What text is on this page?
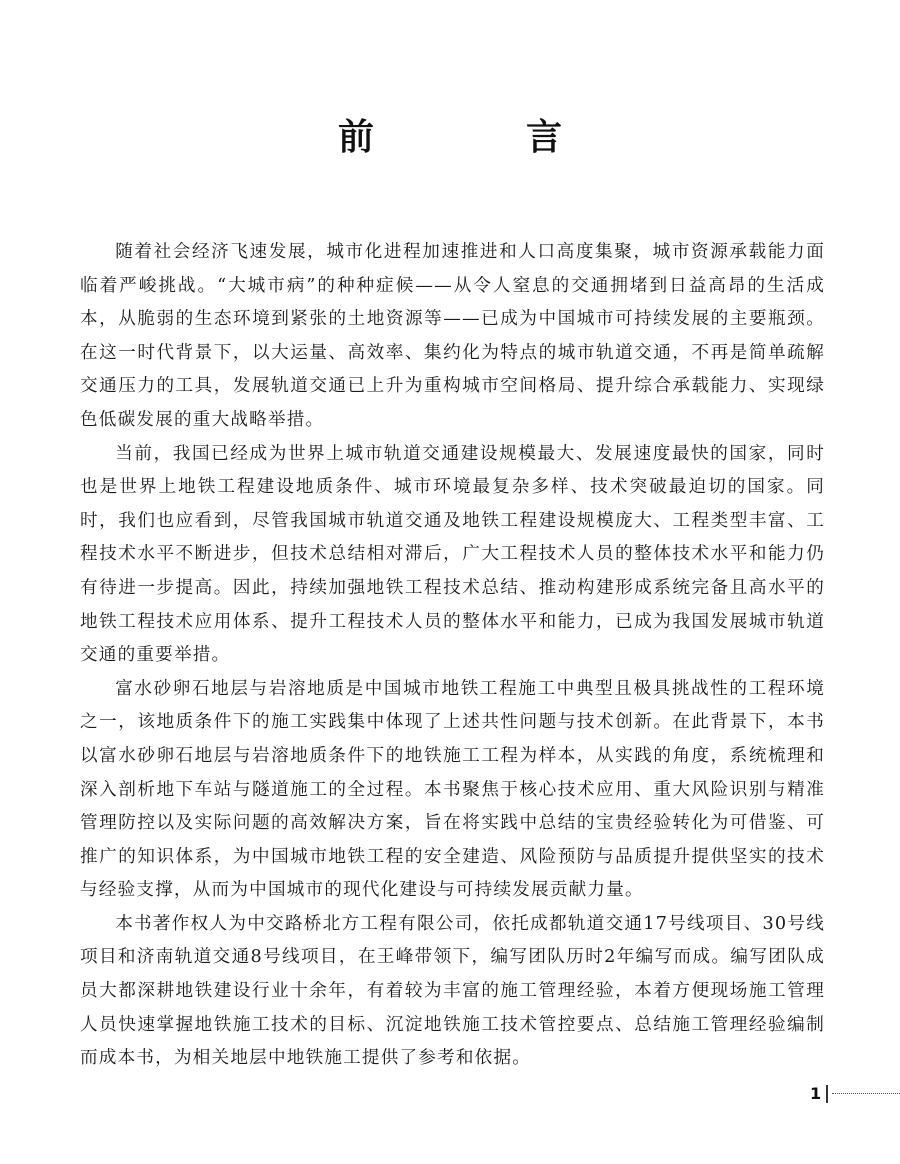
前　言

随着社会经济飞速发展，城市化进程加速推进和人口高度集聚，城市资源承载能力面临着严峻挑战。“大城市病”的种种症候——从令人窒息的交通拥堵到日益高昂的生活成本，从脆弱的生态环境到紧张的土地资源等——已成为中国城市可持续发展的主要瓶颈。在这一时代背景下，以大运量、高效率、集约化为特点的城市轨道交通，不再是简单疏解交通压力的工具，发展轨道交通已上升为重构城市空间格局、提升综合承载能力、实现绿色低碳发展的重大战略举措。

当前，我国已经成为世界上城市轨道交通建设规模最大、发展速度最快的国家，同时也是世界上地铁工程建设地质条件、城市环境最复杂多样、技术突破最迫切的国家。同时，我们也应看到，尽管我国城市轨道交通及地铁工程建设规模庞大、工程类型丰富、工程技术水平不断进步，但技术总结相对滞后，广大工程技术人员的整体技术水平和能力仍有待进一步提高。因此，持续加强地铁工程技术总结、推动构建形成系统完备且高水平的地铁工程技术应用体系、提升工程技术人员的整体水平和能力，已成为我国发展城市轨道交通的重要举措。

富水砂卵石地层与岩溶地质是中国城市地铁工程施工中典型且极具挑战性的工程环境之一，该地质条件下的施工实践集中体现了上述共性问题与技术创新。在此背景下，本书以富水砂卵石地层与岩溶地质条件下的地铁施工工程为样本，从实践的角度，系统梳理和深入剖析地下车站与隧道施工的全过程。本书聚焦于核心技术应用、重大风险识别与精准管理防控以及实际问题的高效解决方案，旨在将实践中总结的宝贵经验转化为可借鉴、可推广的知识体系，为中国城市地铁工程的安全建造、风险预防与品质提升提供坚实的技术与经验支撑，从而为中国城市的现代化建设与可持续发展贡献力量。

本书著作权人为中交路桥北方工程有限公司，依托成都轨道交通17号线项目、30号线项目和济南轨道交通8号线项目，在王峰带领下，编写团队历时2年编写而成。编写团队成员大都深耕地铁建设行业十余年，有着较为丰富的施工管理经验，本着方便现场施工管理人员快速掌握地铁施工技术的目标、沉淀地铁施工技术管控要点、总结施工管理经验编制而成本书，为相关地层中地铁施工提供了参考和依据。

1
